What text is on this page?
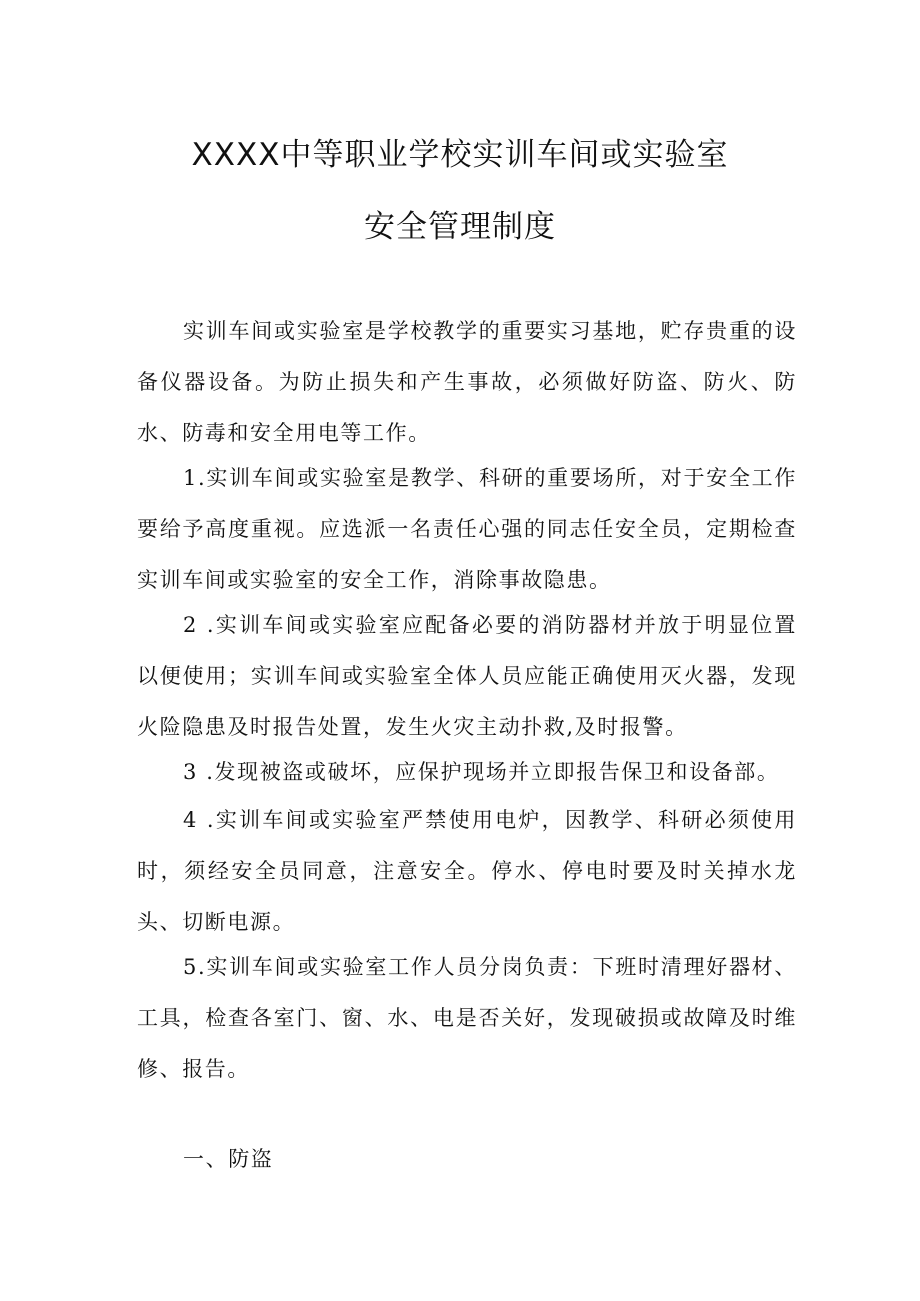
XXXX中等职业学校实训车间或实验室
安全管理制度

实训车间或实验室是学校教学的重要实习基地，贮存贵重的设备仪器设备。为防止损失和产生事故，必须做好防盗、防火、防水、防毒和安全用电等工作。

1.实训车间或实验室是教学、科研的重要场所，对于安全工作要给予高度重视。应选派一名责任心强的同志任安全员，定期检查实训车间或实验室的安全工作，消除事故隐患。

2 .实训车间或实验室应配备必要的消防器材并放于明显位置以便使用；实训车间或实验室全体人员应能正确使用灭火器，发现火险隐患及时报告处置，发生火灾主动扑救,及时报警。

3 .发现被盗或破坏，应保护现场并立即报告保卫和设备部。

4 .实训车间或实验室严禁使用电炉，因教学、科研必须使用时，须经安全员同意，注意安全。停水、停电时要及时关掉水龙头、切断电源。

5.实训车间或实验室工作人员分岗负责：下班时清理好器材、工具，检查各室门、窗、水、电是否关好，发现破损或故障及时维修、报告。

一、防盗
